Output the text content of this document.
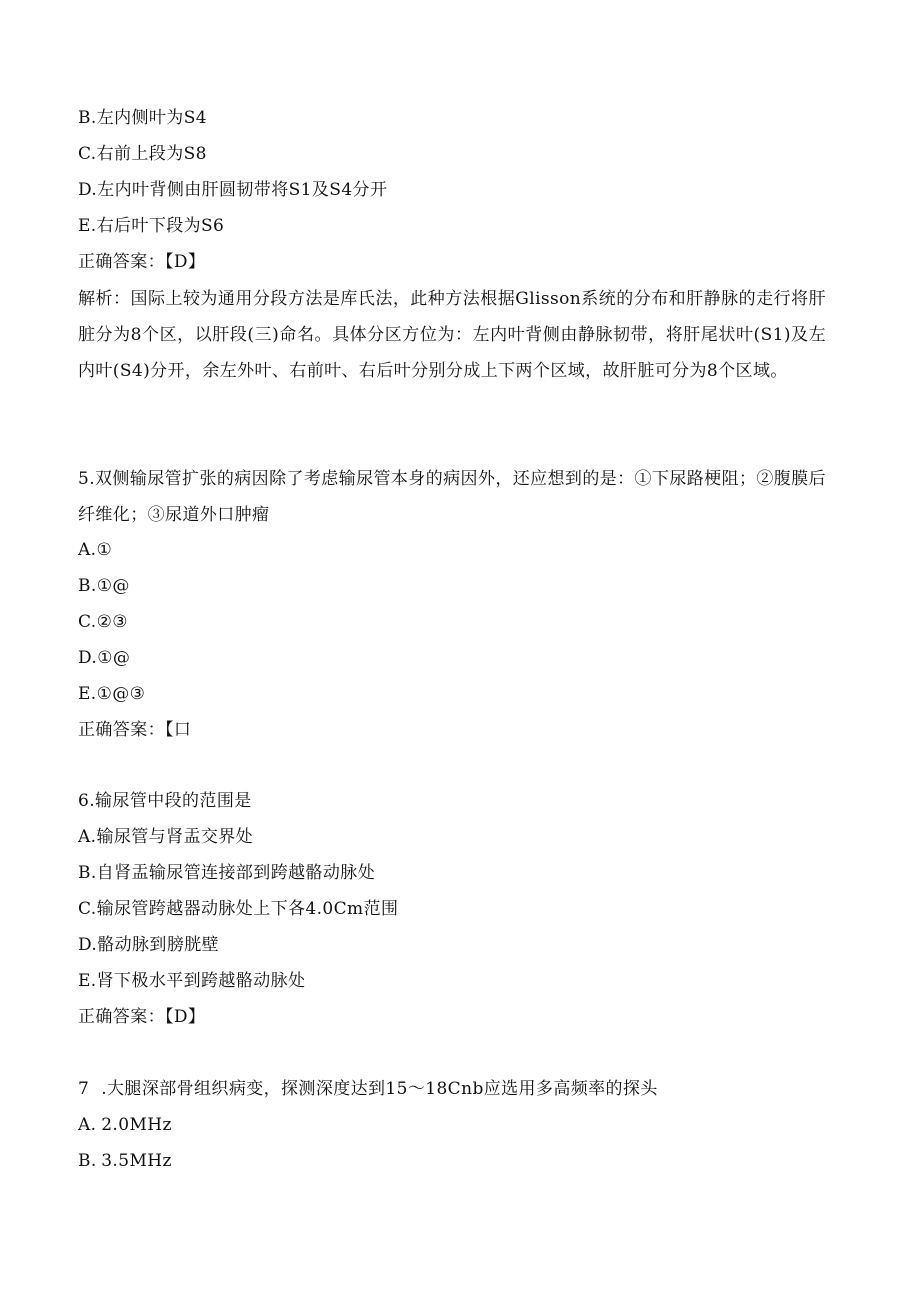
B.左内侧叶为S4
C.右前上段为S8
D.左内叶背侧由肝圆韧带将S1及S4分开
E.右后叶下段为S6
正确答案：【D】
解析：国际上较为通用分段方法是库氏法，此种方法根据Glisson系统的分布和肝静脉的走行将肝脏分为8个区，以肝段(三)命名。具体分区方位为：左内叶背侧由静脉韧带，将肝尾状叶(S1)及左内叶(S4)分开，余左外叶、右前叶、右后叶分别分成上下两个区域，故肝脏可分为8个区域。
5.双侧输尿管扩张的病因除了考虑输尿管本身的病因外，还应想到的是：①下尿路梗阻；②腹膜后纤维化；③尿道外口肿瘤
A.①
B.①@
C.②③
D.①@
E.①@③
正确答案：【口
6.输尿管中段的范围是
A.输尿管与肾盂交界处
B.自肾盂输尿管连接部到跨越骼动脉处
C.输尿管跨越器动脉处上下各4.0Cm范围
D.骼动脉到膀胱壁
E.肾下极水平到跨越骼动脉处
正确答案：【D】
7	.大腿深部骨组织病变，探测深度达到15～18Cnb应选用多高频率的探头
A.	2.0MHz
B.	3.5MHz
